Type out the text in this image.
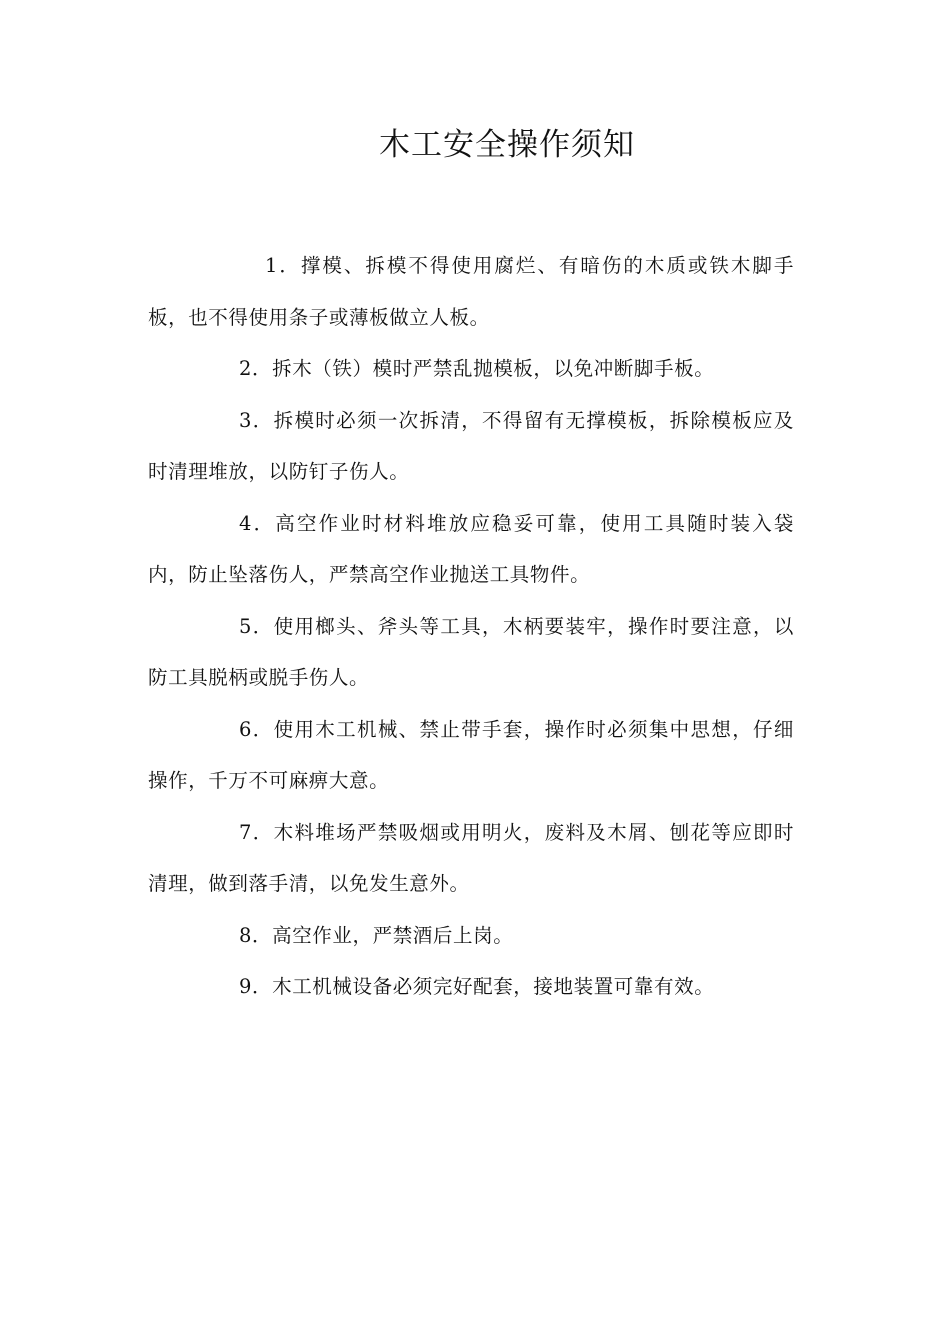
木工安全操作须知

1．撑模、拆模不得使用腐烂、有暗伤的木质或铁木脚手板，也不得使用条子或薄板做立人板。

2．拆木（铁）模时严禁乱抛模板，以免冲断脚手板。

3．拆模时必须一次拆清，不得留有无撑模板，拆除模板应及时清理堆放，以防钉子伤人。

4．高空作业时材料堆放应稳妥可靠，使用工具随时装入袋内，防止坠落伤人，严禁高空作业抛送工具物件。

5．使用榔头、斧头等工具，木柄要装牢，操作时要注意，以防工具脱柄或脱手伤人。

6．使用木工机械、禁止带手套，操作时必须集中思想，仔细操作，千万不可麻痹大意。

7．木料堆场严禁吸烟或用明火，废料及木屑、刨花等应即时清理，做到落手清，以免发生意外。

8．高空作业，严禁酒后上岗。

9．木工机械设备必须完好配套，接地装置可靠有效。
